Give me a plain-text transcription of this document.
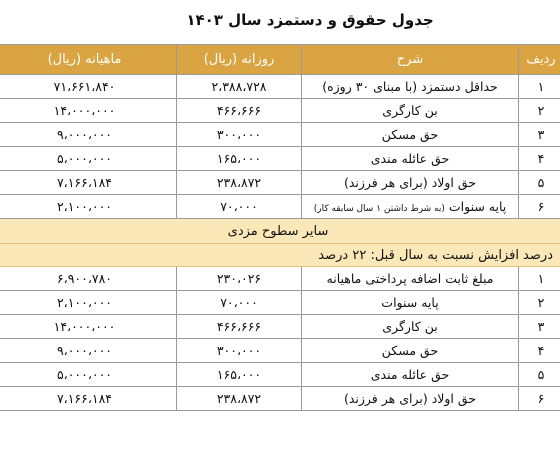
جدول حقوق و دستمزد سال ۱۴۰۳
ردیف	شرح	روزانه (ریال)	ماهیانه (ریال)
۱	حداقل دستمزد (با مبنای ۳۰ روزه)	۲،۳۸۸،۷۲۸	۷۱،۶۶۱،۸۴۰
۲	بن کارگری	۴۶۶،۶۶۶	۱۴،۰۰۰،۰۰۰
۳	حق مسکن	۳۰۰،۰۰۰	۹،۰۰۰،۰۰۰
۴	حق عائله مندی	۱۶۵،۰۰۰	۵،۰۰۰،۰۰۰
۵	حق اولاد (برای هر فرزند)	۲۳۸،۸۷۲	۷،۱۶۶،۱۸۴
۶	پایه سنوات (به شرط داشتن ۱ سال سابقه کار)	۷۰،۰۰۰	۲،۱۰۰،۰۰۰
سایر سطوح مزدی			
درصد افزایش نسبت به سال قبل: ۲۲ درصد			
۱	مبلغ ثابت اضافه پرداختی ماهیانه	۲۳۰،۰۲۶	۶،۹۰۰،۷۸۰
۲	پایه سنوات	۷۰،۰۰۰	۲،۱۰۰،۰۰۰
۳	بن کارگری	۴۶۶،۶۶۶	۱۴،۰۰۰،۰۰۰
۴	حق مسکن	۳۰۰،۰۰۰	۹،۰۰۰،۰۰۰
۵	حق عائله مندی	۱۶۵،۰۰۰	۵،۰۰۰،۰۰۰
۶	حق اولاد (برای هر فرزند)	۲۳۸،۸۷۲	۷،۱۶۶،۱۸۴
